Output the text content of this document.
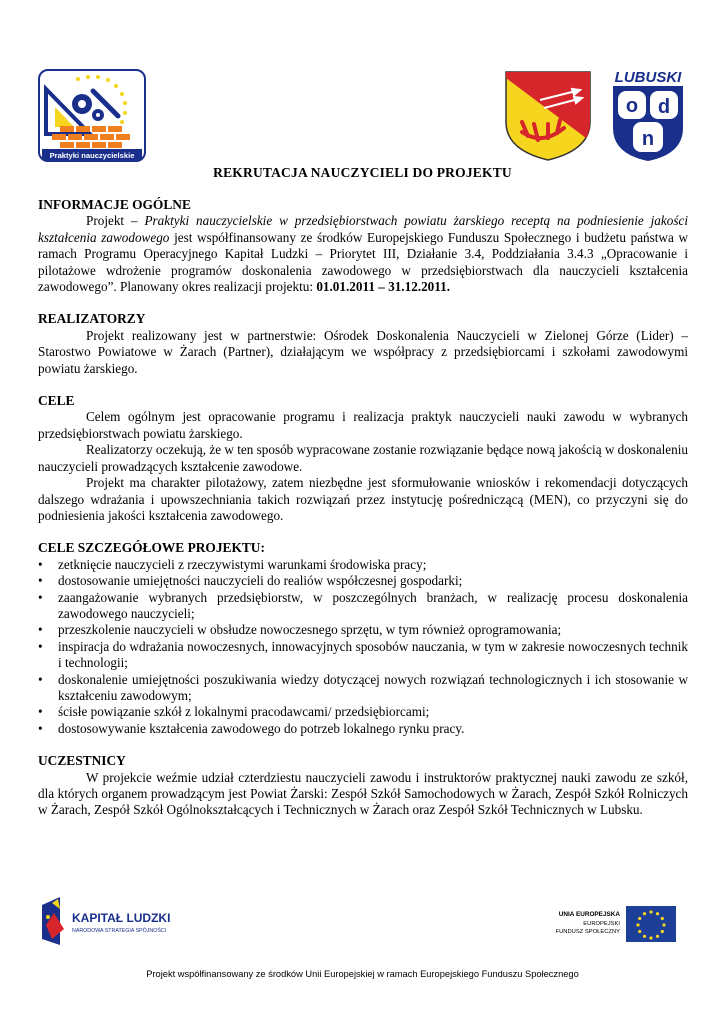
Praktyki nauczycielskie
LUBUSKI
o d
n
REKRUTACJA NAUCZYCIELI DO PROJEKTU
INFORMACJE OGÓLNE

Projekt – Praktyki nauczycielskie w przedsiębiorstwach powiatu żarskiego receptą na podniesienie jakości kształcenia zawodowego jest współfinansowany ze środków Europejskiego Funduszu Społecznego i budżetu państwa w ramach Programu Operacyjnego Kapitał Ludzki – Priorytet III, Działanie 3.4, Poddziałania 3.4.3 „Opracowanie i pilotażowe wdrożenie programów doskonalenia zawodowego w przedsiębiorstwach dla nauczycieli kształcenia zawodowego”. Planowany okres realizacji projektu: 01.01.2011 – 31.12.2011.

REALIZATORZY

Projekt realizowany jest w partnerstwie: Ośrodek Doskonalenia Nauczycieli w Zielonej Górze (Lider) – Starostwo Powiatowe w Żarach (Partner), działającym we współpracy z przedsiębiorcami i szkołami zawodowymi powiatu żarskiego.

CELE

Celem ogólnym jest opracowanie programu i realizacja praktyk nauczycieli nauki zawodu w wybranych przedsiębiorstwach powiatu żarskiego.

Realizatorzy oczekują, że w ten sposób wypracowane zostanie rozwiązanie będące nową jakością w doskonaleniu nauczycieli prowadzących kształcenie zawodowe.

Projekt ma charakter pilotażowy, zatem niezbędne jest sformułowanie wniosków i rekomendacji dotyczących dalszego wdrażania i upowszechniania takich rozwiązań przez instytucję pośredniczącą (MEN), co przyczyni się do podniesienia jakości kształcenia zawodowego.

CELE SZCZEGÓŁOWE PROJEKTU:
• zetknięcie nauczycieli z rzeczywistymi warunkami środowiska pracy;
• dostosowanie umiejętności nauczycieli do realiów współczesnej gospodarki;
• zaangażowanie wybranych przedsiębiorstw, w poszczególnych branżach, w realizację procesu doskonalenia zawodowego nauczycieli;
• przeszkolenie nauczycieli w obsłudze nowoczesnego sprzętu, w tym również oprogramowania;
• inspiracja do wdrażania nowoczesnych, innowacyjnych sposobów nauczania, w tym w zakresie nowoczesnych technik i technologii;
• doskonalenie umiejętności poszukiwania wiedzy dotyczącej nowych rozwiązań technologicznych i ich stosowanie w kształceniu zawodowym;
• ścisłe powiązanie szkół z lokalnymi pracodawcami/ przedsiębiorcami;
• dostosowywanie kształcenia zawodowego do potrzeb lokalnego rynku pracy.
UCZESTNICY

W projekcie weźmie udział czterdziestu nauczycieli zawodu i instruktorów praktycznej nauki zawodu ze szkół, dla których organem prowadzącym jest Powiat Żarski: Zespół Szkół Samochodowych w Żarach, Zespół Szkół Rolniczych w Żarach, Zespół Szkół Ogólnokształcących i Technicznych w Żarach oraz Zespół Szkół Technicznych w Lubsku.

KAPITAŁ LUDZKI
NARODOWA STRATEGIA SPÓJNOŚCI
UNIA EUROPEJSKA
EUROPEJSKI
FUNDUSZ SPOŁECZNY
Projekt współfinansowany ze środków Unii Europejskiej w ramach Europejskiego Funduszu Społecznego
